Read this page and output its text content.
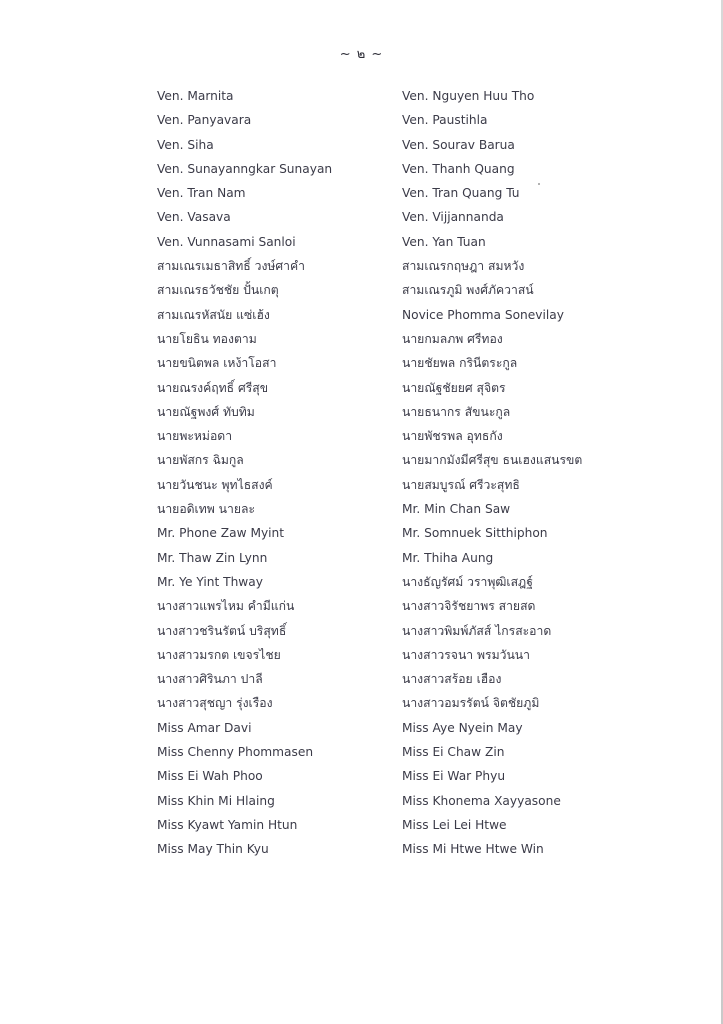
~ ๒ ~
Ven. Marnita
Ven. Panyavara
Ven. Siha
Ven. Sunayanngkar Sunayan
Ven. Tran Nam
Ven. Vasava
Ven. Vunnasami Sanloi
สามเณรเมธาสิทธิ์ วงษ์ศาคำ
สามเณรธวัชชัย ปั้นเกตุ
สามเณรหัสนัย แซ่เฮ้ง
นายโยธิน ทองตาม
นายขนิตพล เหง้าโอสา
นายณรงค์ฤทธิ์ ศรีสุข
นายณัฐพงศ์ ทับทิม
นายพะหม่อดา
นายพัสกร ฉิมกูล
นายวันชนะ พุทไธสงค์
นายอดิเทพ นายละ
Mr. Phone Zaw Myint
Mr. Thaw Zin Lynn
Mr. Ye Yint Thway
นางสาวแพรไหม คำมีแก่น
นางสาวชรินรัตน์ บริสุทธิ์
นางสาวมรกต เขจรไชย
นางสาวศิรินภา ปาลี
นางสาวสุชญา รุ่งเรือง
Miss Amar Davi
Miss Chenny Phommasen
Miss Ei Wah Phoo
Miss Khin Mi Hlaing
Miss Kyawt Yamin Htun
Miss May Thin Kyu
Ven. Nguyen Huu Tho
Ven. Paustihla
Ven. Sourav Barua
Ven. Thanh Quang
Ven. Tran Quang Tu
Ven. Vijjannanda
Ven. Yan Tuan
สามเณรกฤษฎา สมหวัง
สามเณรภูมิ พงศ์ภัควาสน์
Novice Phomma Sonevilay
นายกมลภพ ศรีทอง
นายชัยพล กรินีตระกูล
นายณัฐชัยยศ สุจิตร
นายธนากร สัขนะกูล
นายพัชรพล อุทธกัง
นายมากมังมีศรีสุข ธนเฮงแสนรขต
นายสมบูรณ์ ศรีวะสุทธิ
Mr. Min Chan Saw
Mr. Somnuek Sitthiphon
Mr. Thiha Aung
นางธัญรัศม์ วราพุฒิเสฎฐ์
นางสาวจิรัชยาพร สายสด
นางสาวพิมพ์ภัสส์ ไกรสะอาด
นางสาวรจนา พรมวันนา
นางสาวสร้อย เฮือง
นางสาวอมรรัตน์ จิตชัยภูมิ
Miss Aye Nyein May
Miss Ei Chaw Zin
Miss Ei War Phyu
Miss Khonema Xayyasone
Miss Lei Lei Htwe
Miss Mi Htwe Htwe Win
